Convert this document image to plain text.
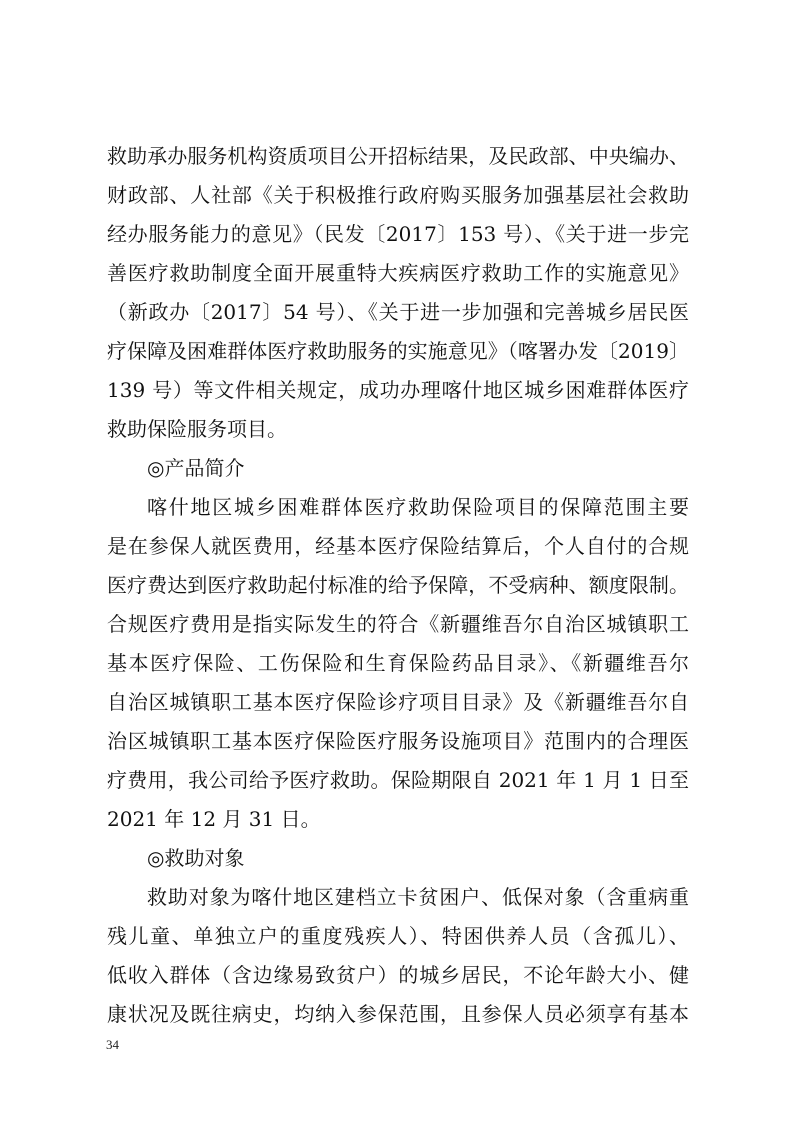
救助承办服务机构资质项目公开招标结果，及民政部、中央编办、
财政部、人社部《关于积极推行政府购买服务加强基层社会救助
经办服务能力的意见》（民发〔2017〕153 号）、《关于进一步完
善医疗救助制度全面开展重特大疾病医疗救助工作的实施意见》
（新政办〔2017〕54 号）、《关于进一步加强和完善城乡居民医
疗保障及困难群体医疗救助服务的实施意见》（喀署办发〔2019〕
139 号）等文件相关规定，成功办理喀什地区城乡困难群体医疗
救助保险服务项目。
◎产品简介
喀什地区城乡困难群体医疗救助保险项目的保障范围主要
是在参保人就医费用，经基本医疗保险结算后，个人自付的合规
医疗费达到医疗救助起付标准的给予保障，不受病种、额度限制。
合规医疗费用是指实际发生的符合《新疆维吾尔自治区城镇职工
基本医疗保险、工伤保险和生育保险药品目录》、《新疆维吾尔
自治区城镇职工基本医疗保险诊疗项目目录》及《新疆维吾尔自
治区城镇职工基本医疗保险医疗服务设施项目》范围内的合理医
疗费用，我公司给予医疗救助。保险期限自 2021 年 1 月 1 日至
2021 年 12 月 31 日。
◎救助对象
救助对象为喀什地区建档立卡贫困户、低保对象（含重病重
残儿童、单独立户的重度残疾人）、特困供养人员（含孤儿）、
低收入群体（含边缘易致贫户）的城乡居民，不论年龄大小、健
康状况及既往病史，均纳入参保范围，且参保人员必须享有基本
34
